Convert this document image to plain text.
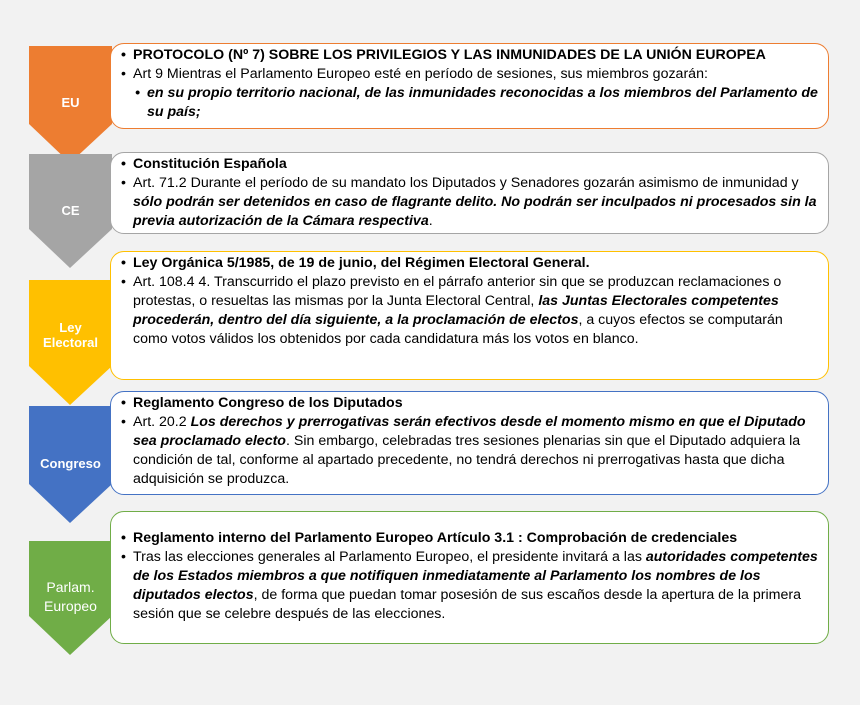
EU
CE
Ley
Electoral
Congreso
Parlam.
Europeo
• PROTOCOLO (Nº 7) SOBRE LOS PRIVILEGIOS Y LAS INMUNIDADES DE LA UNIÓN EUROPEA
• Art 9 Mientras el Parlamento Europeo esté en período de sesiones, sus miembros gozarán:
• en su propio territorio nacional, de las inmunidades reconocidas a los miembros del Parlamento de su país;
• Constitución Española
• Art. 71.2 Durante el período de su mandato los Diputados y Senadores gozarán asimismo de inmunidad y sólo podrán ser detenidos en caso de flagrante delito. No podrán ser inculpados ni procesados sin la previa autorización de la Cámara respectiva.
• Ley Orgánica 5/1985, de 19 de junio, del Régimen Electoral General.
• Art. 108.4 4. Transcurrido el plazo previsto en el párrafo anterior sin que se produzcan reclamaciones o protestas, o resueltas las mismas por la Junta Electoral Central, las Juntas Electorales competentes procederán, dentro del día siguiente, a la proclamación de electos, a cuyos efectos se computarán como votos válidos los obtenidos por cada candidatura más los votos en blanco.
• Reglamento Congreso de los Diputados
• Art. 20.2 Los derechos y prerrogativas serán efectivos desde el momento mismo en que el Diputado sea proclamado electo. Sin embargo, celebradas tres sesiones plenarias sin que el Diputado adquiera la condición de tal, conforme al apartado precedente, no tendrá derechos ni prerrogativas hasta que dicha adquisición se produzca.
• Reglamento interno del Parlamento Europeo Artículo 3.1 : Comprobación de credenciales
• Tras las elecciones generales al Parlamento Europeo, el presidente invitará a las autoridades competentes de los Estados miembros a que notifiquen inmediatamente al Parlamento los nombres de los diputados electos, de forma que puedan tomar posesión de sus escaños desde la apertura de la primera sesión que se celebre después de las elecciones.
